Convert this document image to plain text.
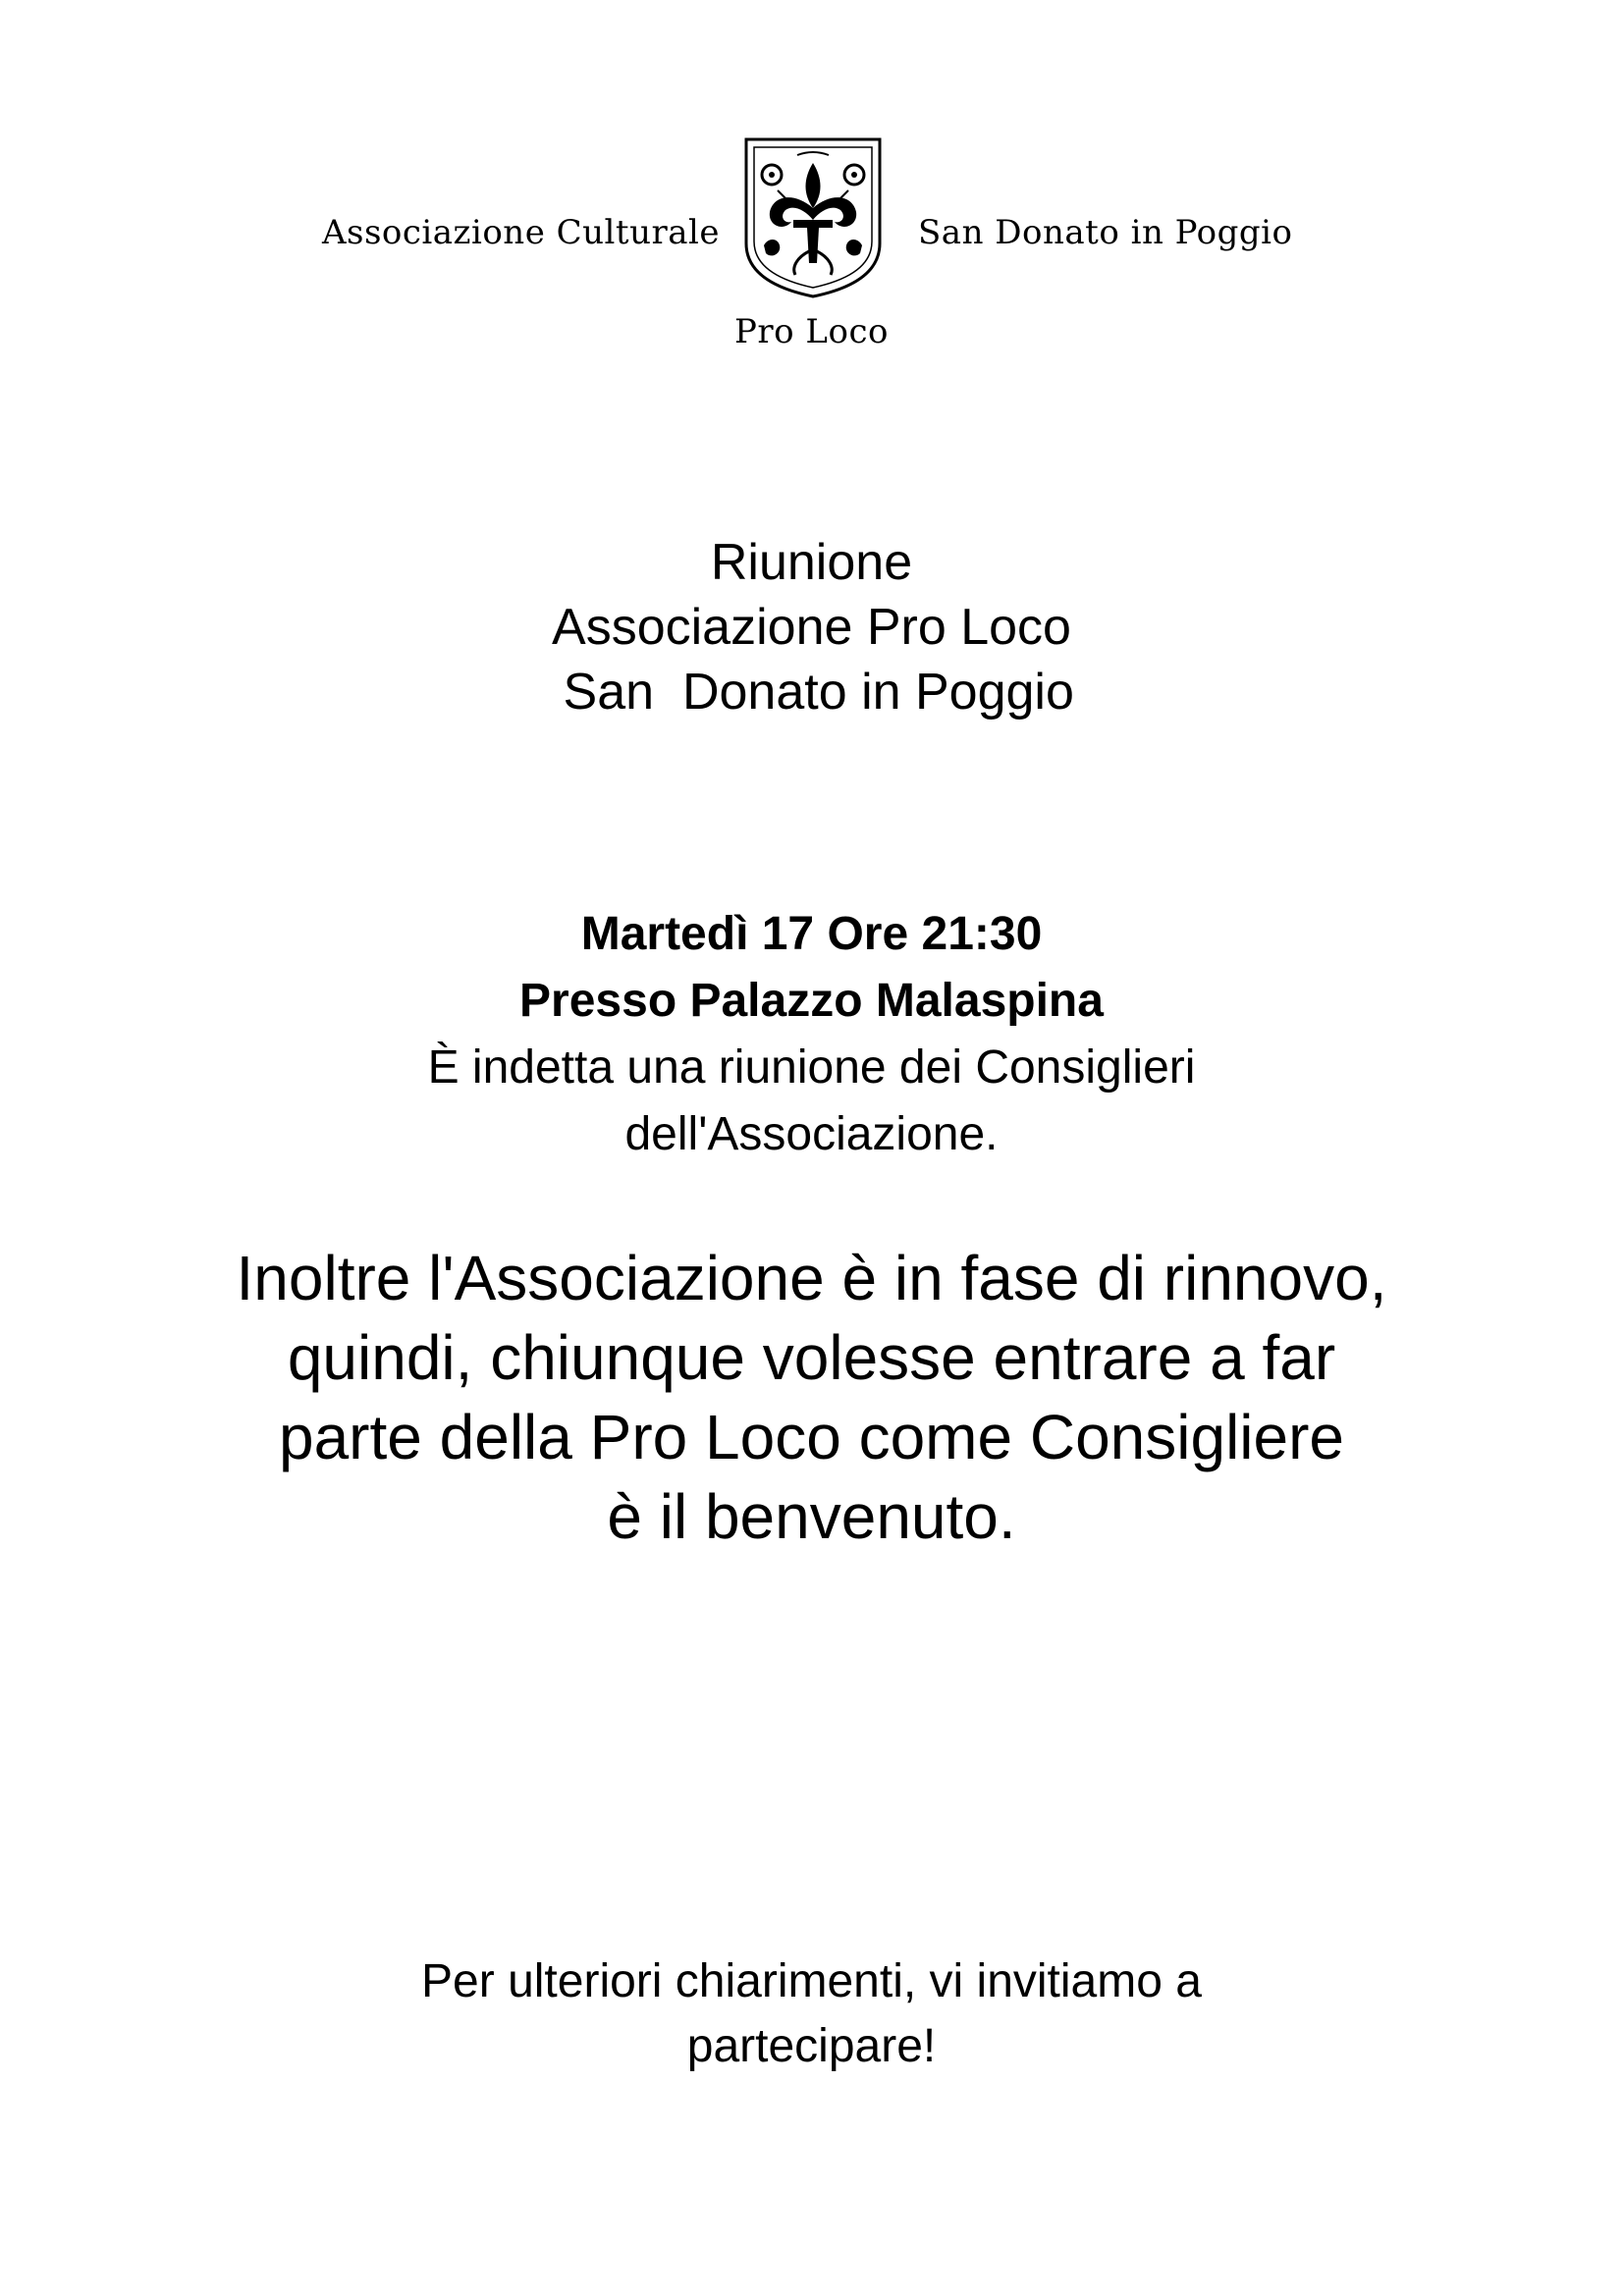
Associazione Culturale	San Donato in Poggio
Pro Loco
Riunione
Associazione Pro Loco
San  Donato in Poggio
Martedì 17 Ore 21:30
Presso Palazzo Malaspina
È indetta una riunione dei Consiglieri
dell'Associazione.
Inoltre l'Associazione è in fase di rinnovo,
quindi, chiunque volesse entrare a far
parte della Pro Loco come Consigliere
è il benvenuto.
Per ulteriori chiarimenti, vi invitiamo a
partecipare!
